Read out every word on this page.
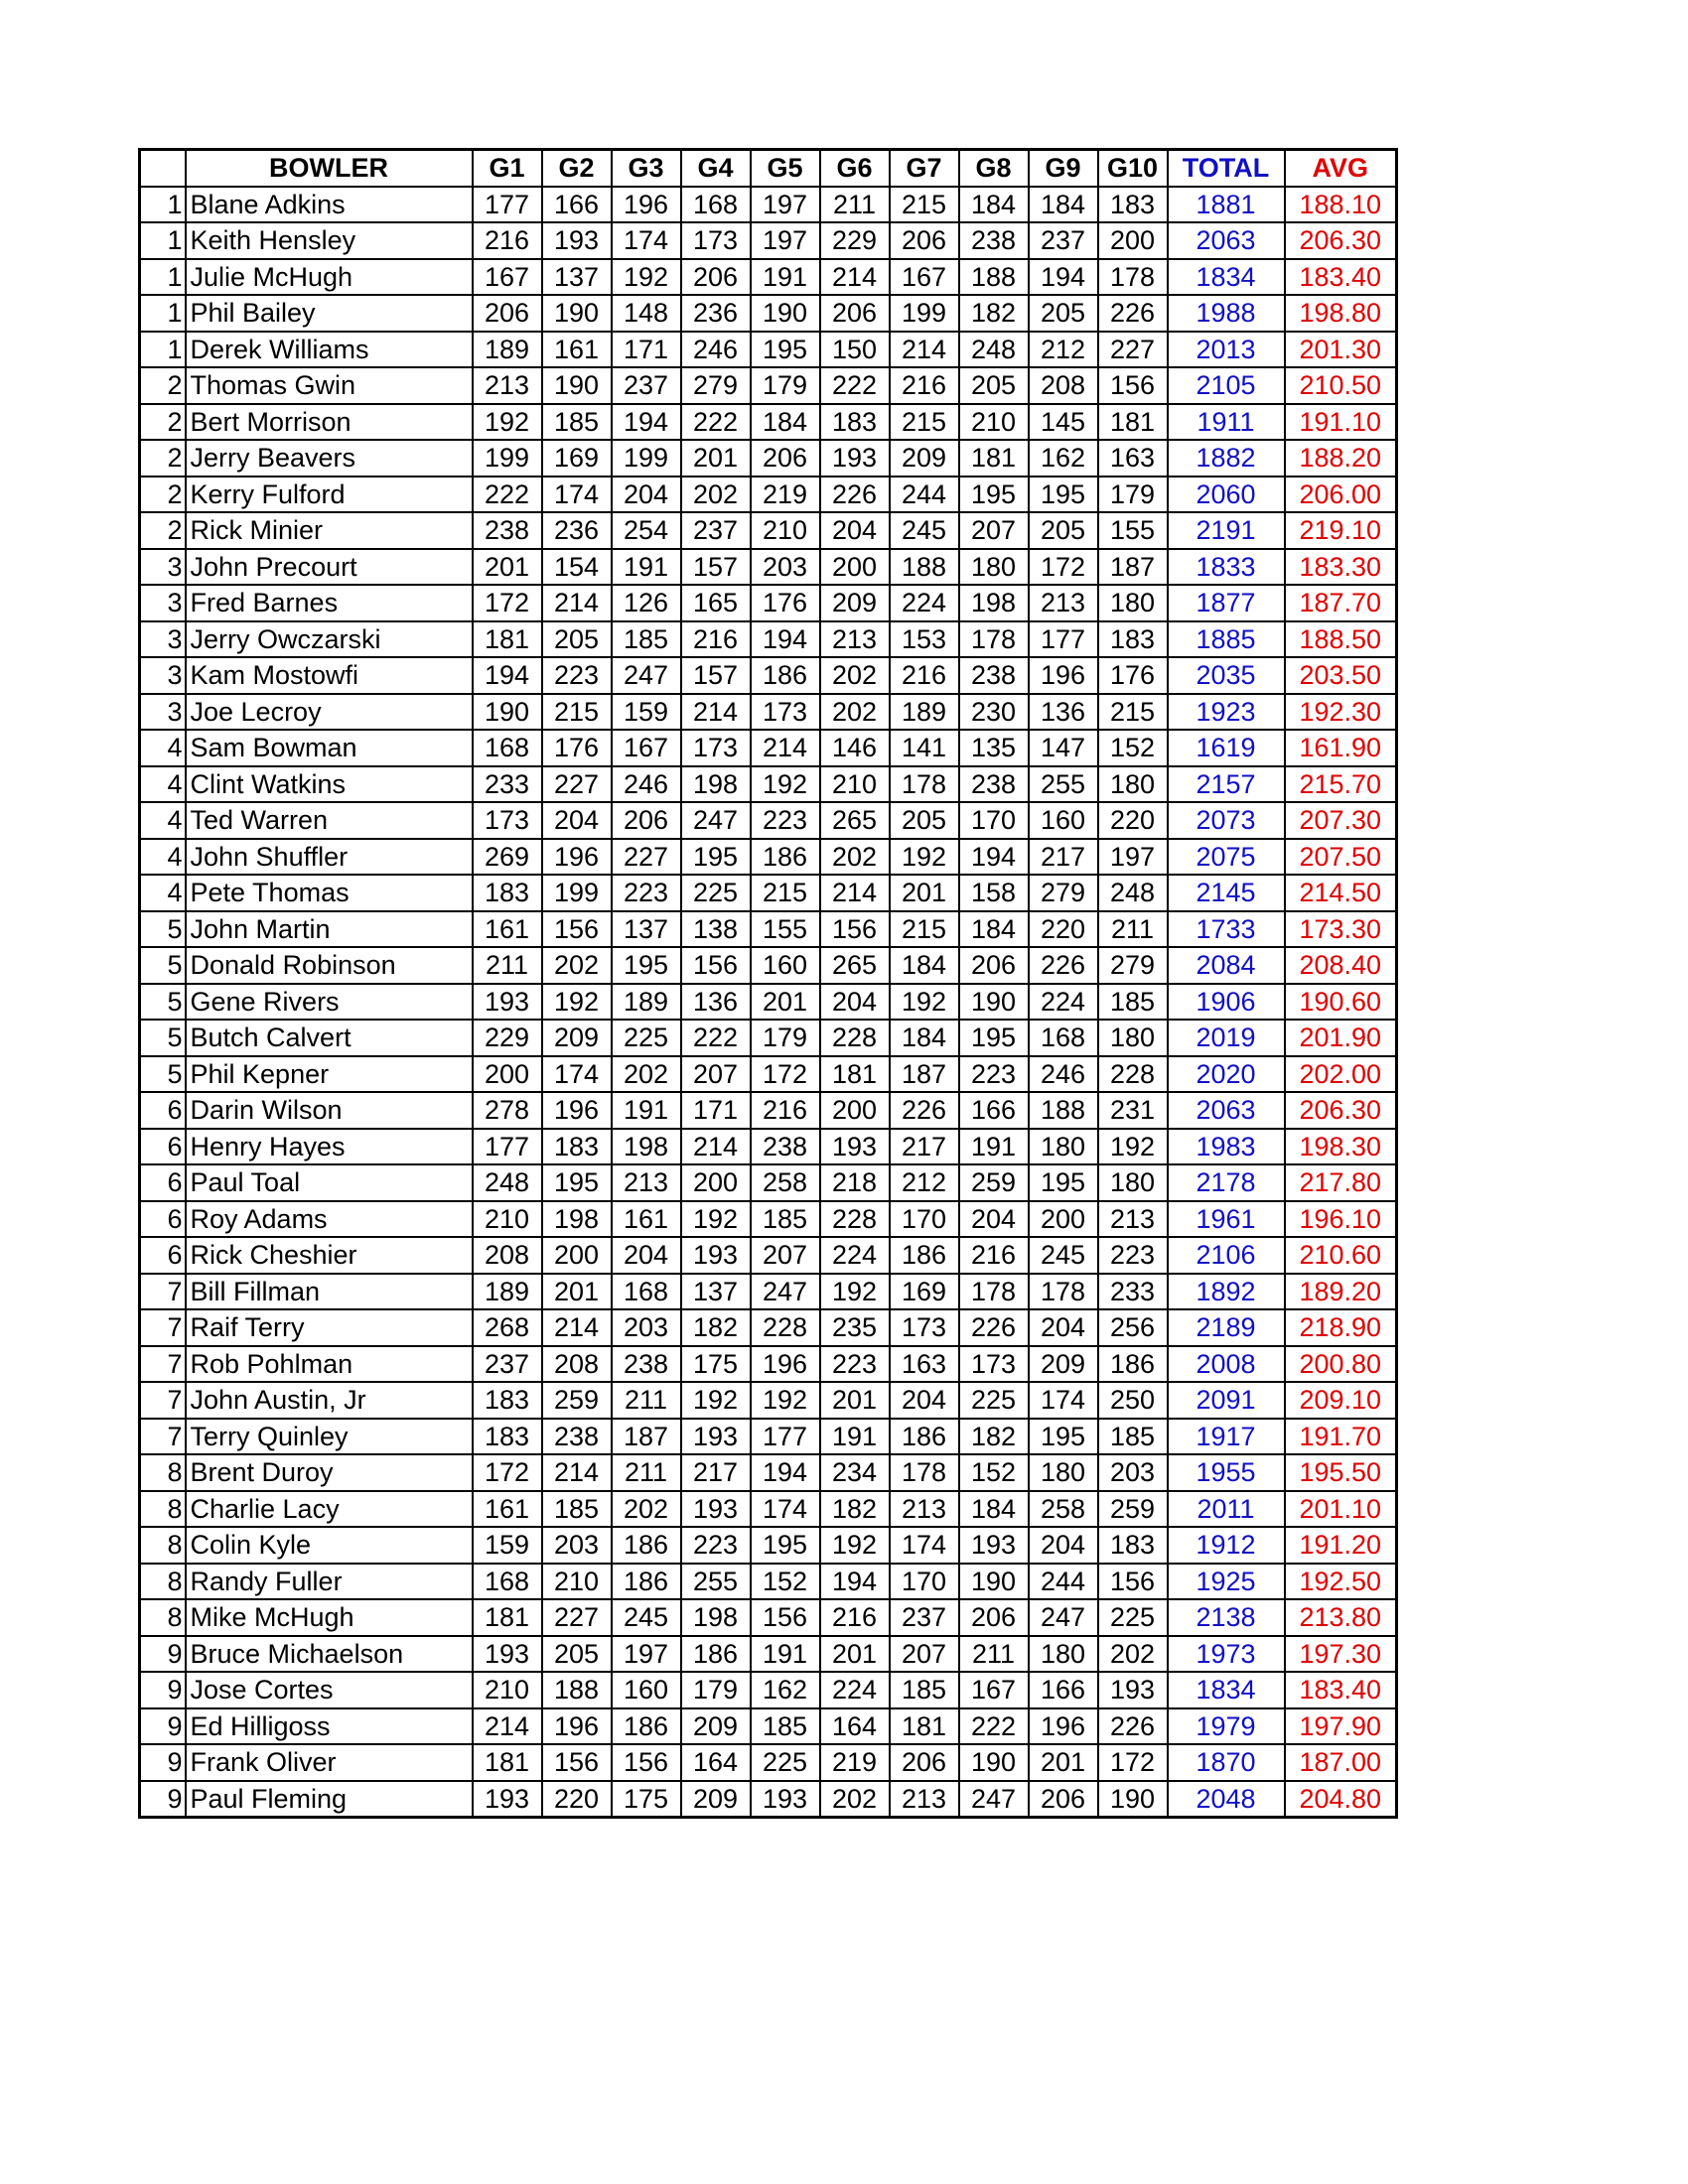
	BOWLER	G1	G2	G3	G4	G5	G6	G7	G8	G9	G10	TOTAL	AVG
1	Blane Adkins	177	166	196	168	197	211	215	184	184	183	1881	188.10
1	Keith Hensley	216	193	174	173	197	229	206	238	237	200	2063	206.30
1	Julie McHugh	167	137	192	206	191	214	167	188	194	178	1834	183.40
1	Phil Bailey	206	190	148	236	190	206	199	182	205	226	1988	198.80
1	Derek Williams	189	161	171	246	195	150	214	248	212	227	2013	201.30
2	Thomas Gwin	213	190	237	279	179	222	216	205	208	156	2105	210.50
2	Bert Morrison	192	185	194	222	184	183	215	210	145	181	1911	191.10
2	Jerry Beavers	199	169	199	201	206	193	209	181	162	163	1882	188.20
2	Kerry Fulford	222	174	204	202	219	226	244	195	195	179	2060	206.00
2	Rick Minier	238	236	254	237	210	204	245	207	205	155	2191	219.10
3	John Precourt	201	154	191	157	203	200	188	180	172	187	1833	183.30
3	Fred Barnes	172	214	126	165	176	209	224	198	213	180	1877	187.70
3	Jerry Owczarski	181	205	185	216	194	213	153	178	177	183	1885	188.50
3	Kam Mostowfi	194	223	247	157	186	202	216	238	196	176	2035	203.50
3	Joe Lecroy	190	215	159	214	173	202	189	230	136	215	1923	192.30
4	Sam Bowman	168	176	167	173	214	146	141	135	147	152	1619	161.90
4	Clint Watkins	233	227	246	198	192	210	178	238	255	180	2157	215.70
4	Ted Warren	173	204	206	247	223	265	205	170	160	220	2073	207.30
4	John Shuffler	269	196	227	195	186	202	192	194	217	197	2075	207.50
4	Pete Thomas	183	199	223	225	215	214	201	158	279	248	2145	214.50
5	John Martin	161	156	137	138	155	156	215	184	220	211	1733	173.30
5	Donald Robinson	211	202	195	156	160	265	184	206	226	279	2084	208.40
5	Gene Rivers	193	192	189	136	201	204	192	190	224	185	1906	190.60
5	Butch Calvert	229	209	225	222	179	228	184	195	168	180	2019	201.90
5	Phil Kepner	200	174	202	207	172	181	187	223	246	228	2020	202.00
6	Darin Wilson	278	196	191	171	216	200	226	166	188	231	2063	206.30
6	Henry Hayes	177	183	198	214	238	193	217	191	180	192	1983	198.30
6	Paul Toal	248	195	213	200	258	218	212	259	195	180	2178	217.80
6	Roy Adams	210	198	161	192	185	228	170	204	200	213	1961	196.10
6	Rick Cheshier	208	200	204	193	207	224	186	216	245	223	2106	210.60
7	Bill Fillman	189	201	168	137	247	192	169	178	178	233	1892	189.20
7	Raif Terry	268	214	203	182	228	235	173	226	204	256	2189	218.90
7	Rob Pohlman	237	208	238	175	196	223	163	173	209	186	2008	200.80
7	John Austin, Jr	183	259	211	192	192	201	204	225	174	250	2091	209.10
7	Terry Quinley	183	238	187	193	177	191	186	182	195	185	1917	191.70
8	Brent Duroy	172	214	211	217	194	234	178	152	180	203	1955	195.50
8	Charlie Lacy	161	185	202	193	174	182	213	184	258	259	2011	201.10
8	Colin Kyle	159	203	186	223	195	192	174	193	204	183	1912	191.20
8	Randy Fuller	168	210	186	255	152	194	170	190	244	156	1925	192.50
8	Mike McHugh	181	227	245	198	156	216	237	206	247	225	2138	213.80
9	Bruce Michaelson	193	205	197	186	191	201	207	211	180	202	1973	197.30
9	Jose Cortes	210	188	160	179	162	224	185	167	166	193	1834	183.40
9	Ed Hilligoss	214	196	186	209	185	164	181	222	196	226	1979	197.90
9	Frank Oliver	181	156	156	164	225	219	206	190	201	172	1870	187.00
9	Paul Fleming	193	220	175	209	193	202	213	247	206	190	2048	204.80
